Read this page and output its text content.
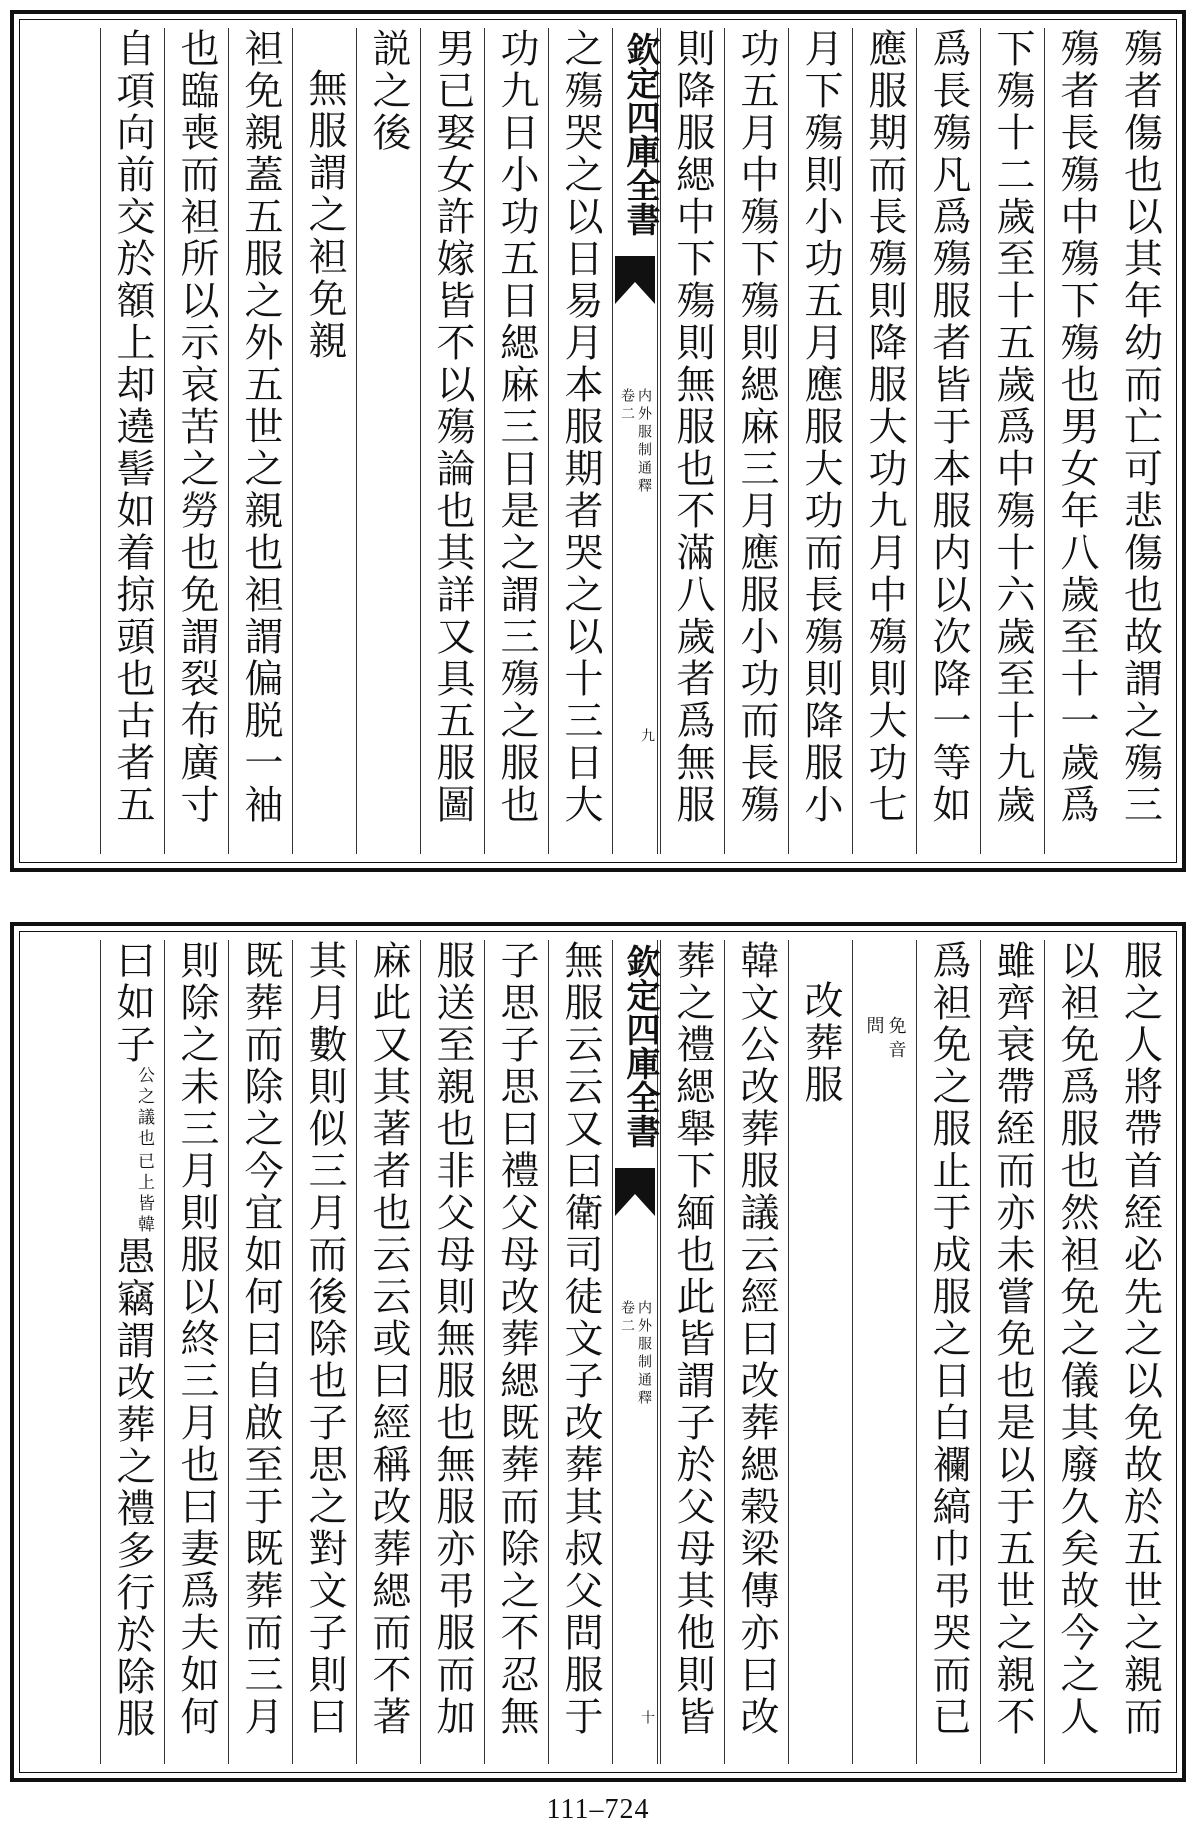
殤者傷也以其年幼而亡可悲傷也故謂之殤三
殤者長殤中殤下殤也男女年八歲至十一歲爲
下殤十二歲至十五歲爲中殤十六歲至十九歲
爲長殤凡爲殤服者皆于本服内以次降一等如
應服期而長殤則降服大功九月中殤則大功七
月下殤則小功五月應服大功而長殤則降服小
功五月中殤下殤則緦麻三月應服小功而長殤
則降服緦中下殤則無服也不滿八歲者爲無服
欽定四庫全書
内外服制通釋
卷二
九
之殤哭之以日易月本服期者哭之以十三日大
功九日小功五日緦麻三日是之謂三殤之服也
男已娶女許嫁皆不以殤論也其詳又具五服圖
説之後
無服謂之袒免親
袒免親蓋五服之外五世之親也袒謂偏脱一袖
也臨喪而袒所以示哀苦之勞也免謂裂布廣寸
自項向前交於額上却遶髻如着掠頭也古者五
服之人將帶首絰必先之以免故於五世之親而
以袒免爲服也然袒免之儀其廢久矣故今之人
雖齊衰帶絰而亦未嘗免也是以于五世之親不
爲袒免之服止于成服之日白襴縞巾弔哭而已
免音
問
改葬服
韓文公改葬服議云經曰改葬緦榖梁傳亦曰改
葬之禮緦舉下緬也此皆謂子於父母其他則皆
欽定四庫全書
内外服制通釋
卷二
十
無服云云又曰衛司徒文子改葬其叔父問服于
子思子思曰禮父母改葬緦既葬而除之不忍無
服送至親也非父母則無服也無服亦弔服而加
麻此又其著者也云云或曰經稱改葬緦而不著
其月數則似三月而後除也子思之對文子則曰
既葬而除之今宜如何曰自啟至于既葬而三月
則除之未三月則服以終三月也曰妻爲夫如何
曰如子
已上皆韓
公之議也
愚竊謂改葬之禮多行於除服
111–724
